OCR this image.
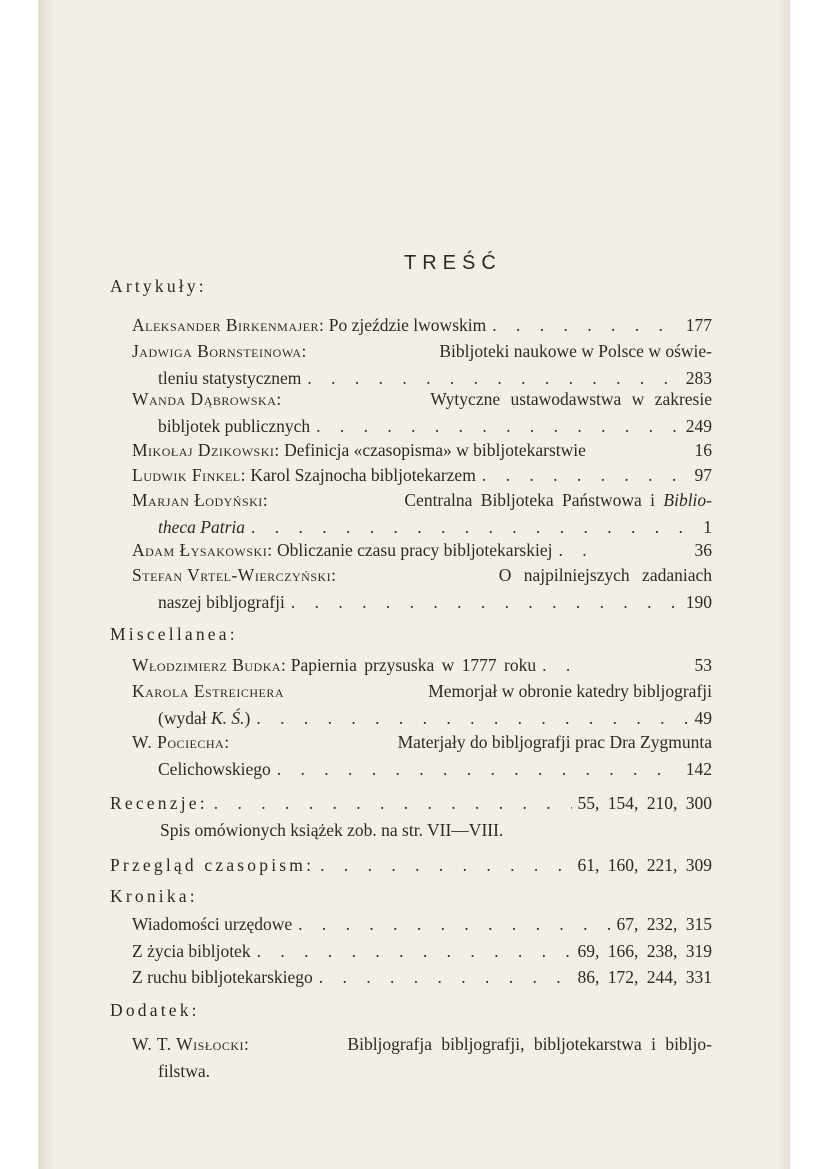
TREŚĆ
Artykuły:
Aleksander Birkenmajer:
Po zjeździe lwowskim . . .	177
Jadwiga Bornsteinowa:	Bibljoteki naukowe w Polsce w oświe-
tleniu statystycznem . . .	283
Wanda Dąbrowska:	Wytyczne ustawodawstwa w zakresie
bibljotek publicznych . . .	249
Mikołaj Dzikowski: Definicja «czasopisma» w bibljotekarstwie	16
Ludwik Finkel:
Karol Szajnocha bibljotekarzem . . .	97
Marjan Łodyński:	Centralna Bibljoteka Państwowa i Biblio-
theca Patria . . .	1
Adam Łysakowski:
Obliczanie czasu pracy bibljotekarskiej . . .	36
Stefan Vrtel-Wierczyński:	O najpilniejszych zadaniach
naszej bibljografji . . .	190
Miscellanea:
Włodzimierz Budka:
Papiernia przysuska w 1777 roku . . .	53
Karola Estreichera	Memorjał w obronie katedry bibljografji
(wydał K. Ś.) . . .	49
W. Pociecha:	Materjały do bibljografji prac Dra Zygmunta
Celichowskiego . . .	142
Recenzje: . . .	55, 154, 210, 300
Spis omówionych książek zob. na str. VII—VIII.
Przegląd czasopism: . . .	61, 160, 221, 309
Kronika:
Wiadomości urzędowe . . .	67, 232, 315
Z życia bibljotek . . .	69, 166, 238, 319
Z ruchu bibljotekarskiego . . .	86, 172, 244, 331
Dodatek:
W. T. Wisłocki:	Bibljografja bibljografji, bibljotekarstwa i bibljo-
filstwa.
